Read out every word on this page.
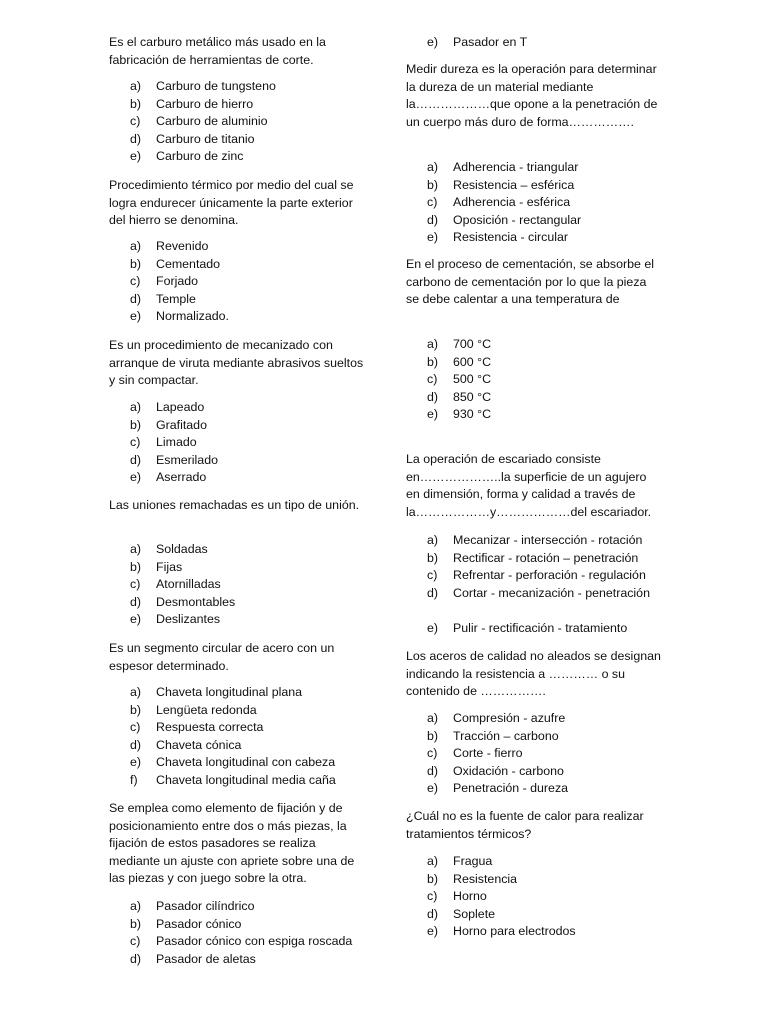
Es el carburo metálico más usado en la fabricación de herramientas de corte.

a)	Carburo de tungsteno
b)	Carburo de hierro
c)	Carburo de aluminio
d)	Carburo de titanio
e)	Carburo de zinc

Procedimiento térmico por medio del cual se logra endurecer únicamente la parte exterior del hierro se denomina.

a)	Revenido
b)	Cementado
c)	Forjado
d)	Temple
e)	Normalizado.

Es un procedimiento de mecanizado con arranque de viruta mediante abrasivos sueltos y sin compactar.

a)	Lapeado
b)	Grafitado
c)	Limado
d)	Esmerilado
e)	Aserrado

Las uniones remachadas es un tipo de unión.

a)	Soldadas
b)	Fijas
c)	Atornilladas
d)	Desmontables
e)	Deslizantes

Es un segmento circular de acero con un espesor determinado.

a)	Chaveta longitudinal plana
b)	Lengüeta redonda
c)	Respuesta correcta
d)	Chaveta cónica
e)	Chaveta longitudinal con cabeza
f)	Chaveta longitudinal media caña

Se emplea como elemento de fijación y de posicionamiento entre dos o más piezas, la fijación de estos pasadores se realiza mediante un ajuste con apriete sobre una de las piezas y con juego sobre la otra.

a)	Pasador cilíndrico
b)	Pasador cónico
c)	Pasador cónico con espiga roscada
d)	Pasador de aletas
e)	Pasador en T

Medir dureza es la operación para determinar la dureza de un material mediante la………………que opone a la penetración de un cuerpo más duro de forma…………….

a)	Adherencia - triangular
b)	Resistencia – esférica
c)	Adherencia - esférica
d)	Oposición - rectangular
e)	Resistencia - circular

En el proceso de cementación, se absorbe el carbono de cementación por lo que la pieza se debe calentar a una temperatura de

a)	700 °C
b)	600 °C
c)	500 °C
d)	850 °C
e)	930 °C

La operación de escariado consiste en………………..la superficie de un agujero en dimensión, forma y calidad a través de la………………y………………del escariador.

a)	Mecanizar - intersección - rotación
b)	Rectificar - rotación – penetración
c)	Refrentar - perforación - regulación
d)	Cortar - mecanización - penetración
e)	Pulir - rectificación - tratamiento

Los aceros de calidad no aleados se designan indicando la resistencia a ………… o su contenido de …………….

a)	Compresión - azufre
b)	Tracción – carbono
c)	Corte - fierro
d)	Oxidación - carbono
e)	Penetración - dureza

¿Cuál no es la fuente de calor para realizar tratamientos térmicos?

a)	Fragua
b)	Resistencia
c)	Horno
d)	Soplete
e)	Horno para electrodos
